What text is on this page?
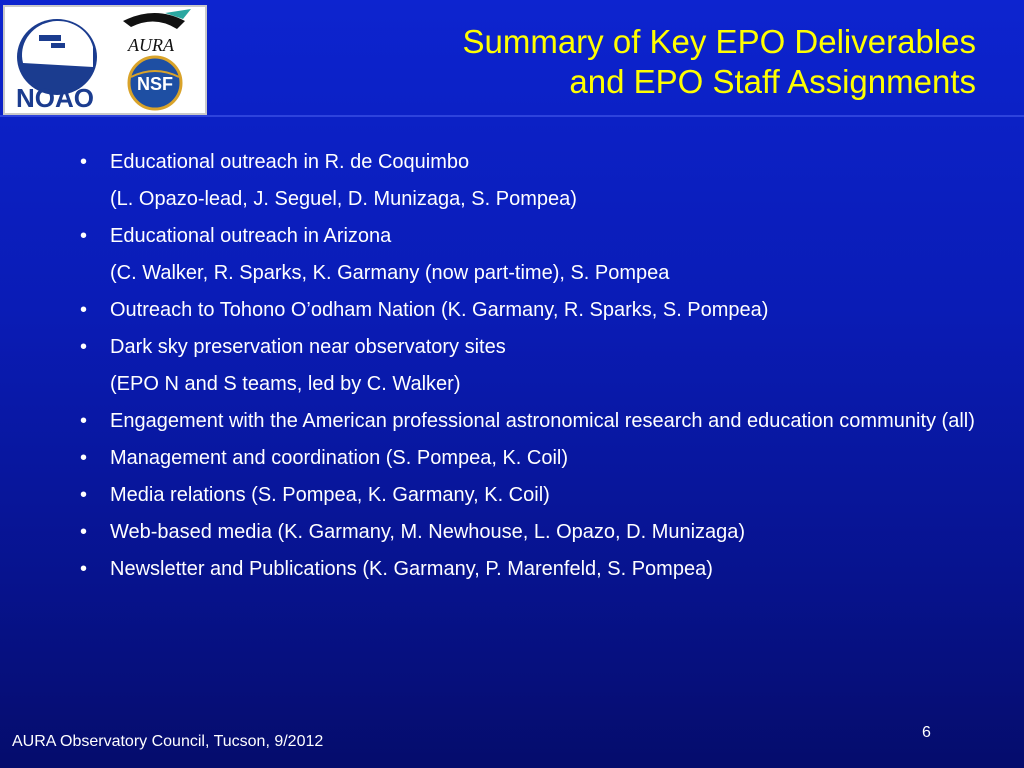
NOAO
AURA
NSF
Summary of Key EPO Deliverables
and EPO Staff Assignments
•	Educational outreach in R. de Coquimbo
(L. Opazo-lead, J. Seguel, D. Munizaga, S. Pompea)
•	Educational outreach in Arizona
(C. Walker, R. Sparks, K. Garmany (now part-time), S. Pompea
•	Outreach to Tohono O’odham Nation (K. Garmany, R. Sparks, S. Pompea)
•	Dark sky preservation near observatory sites
(EPO N and S teams, led by C. Walker)
•	Engagement with the American professional astronomical research and education community (all)
•	Management and coordination (S. Pompea, K. Coil)
•	Media relations (S. Pompea, K. Garmany, K. Coil)
•	Web-based media (K. Garmany, M. Newhouse, L. Opazo, D. Munizaga)
•	Newsletter and Publications (K. Garmany, P. Marenfeld, S. Pompea)
AURA Observatory Council, Tucson, 9/2012
6
